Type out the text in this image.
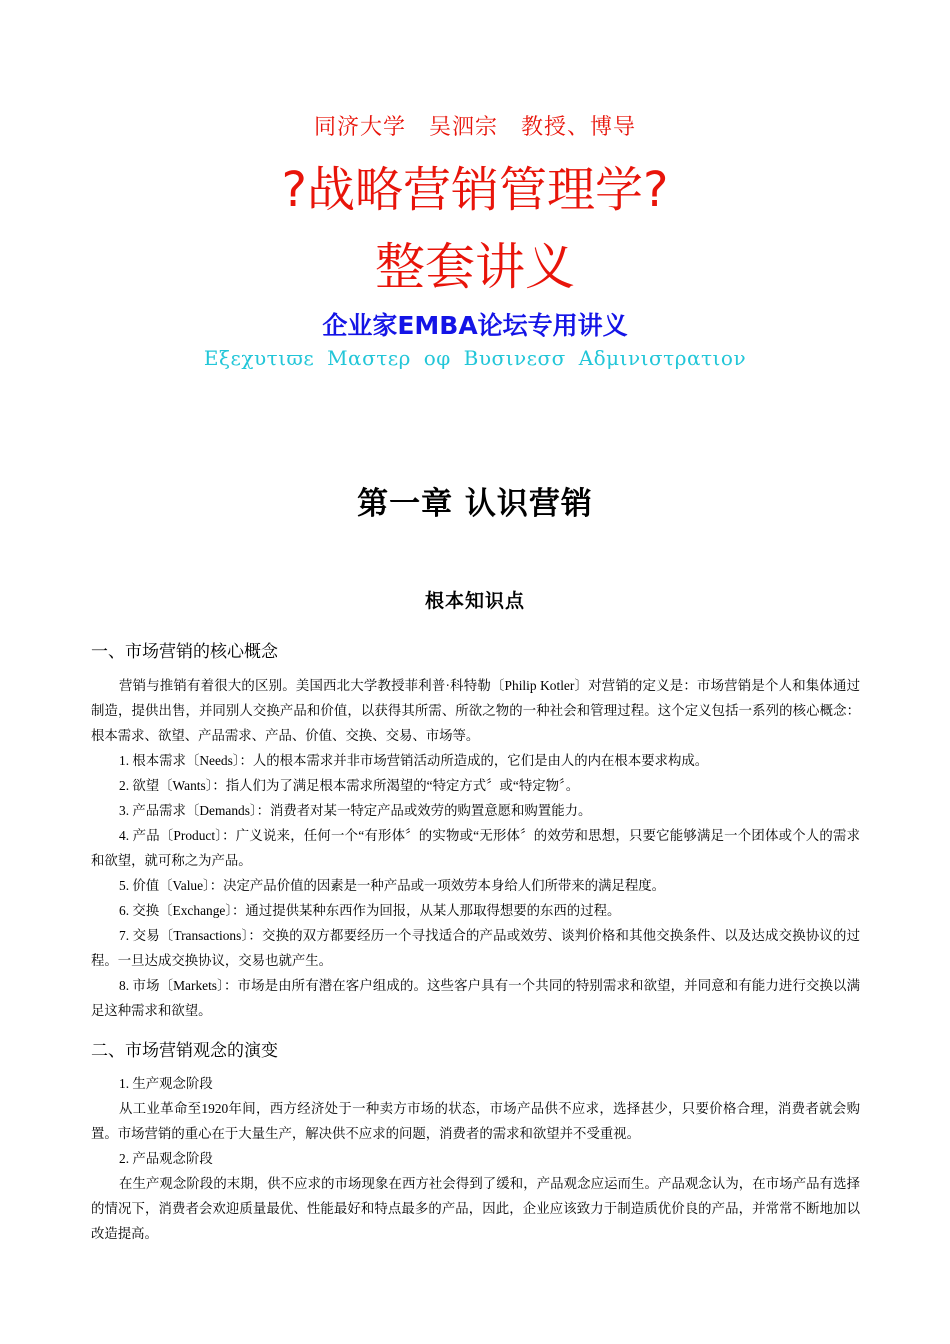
同济大学　吴泗宗　教授、博导
?战略营销管理学?
整套讲义
企业家EMBA论坛专用讲义
Εξεχυτιϖε Μαστερ οφ Βυσινεσσ Αδμινιστρατιον
第一章 认识营销
根本知识点
一、市场营销的核心概念

营销与推销有着很大的区别。美国西北大学教授菲利普·科特勒〔Philip Kotler〕对营销的定义是：市场营销是个人和集体通过制造，提供出售，并同别人交换产品和价值，以获得其所需、所欲之物的一种社会和管理过程。这个定义包括一系列的核心概念：根本需求、欲望、产品需求、产品、价值、交换、交易、市场等。

1. 根本需求〔Needs〕：人的根本需求并非市场营销活动所造成的，它们是由人的内在根本要求构成。

2. 欲望〔Wants〕：指人们为了满足根本需求所渴望的“特定方式〞或“特定物〞。

3. 产品需求〔Demands〕：消费者对某一特定产品或效劳的购置意愿和购置能力。

4. 产品〔Product〕：广义说来，任何一个“有形体〞的实物或“无形体〞的效劳和思想，只要它能够满足一个团体或个人的需求和欲望，就可称之为产品。

5. 价值〔Value〕：决定产品价值的因素是一种产品或一项效劳本身给人们所带来的满足程度。

6. 交换〔Exchange〕：通过提供某种东西作为回报，从某人那取得想要的东西的过程。

7. 交易〔Transactions〕：交换的双方都要经历一个寻找适合的产品或效劳、谈判价格和其他交换条件、以及达成交换协议的过程。一旦达成交换协议，交易也就产生。

8. 市场〔Markets〕：市场是由所有潜在客户组成的。这些客户具有一个共同的特别需求和欲望，并同意和有能力进行交换以满足这种需求和欲望。

二、市场营销观念的演变

1. 生产观念阶段

从工业革命至1920年间，西方经济处于一种卖方市场的状态，市场产品供不应求，选择甚少，只要价格合理，消费者就会购置。市场营销的重心在于大量生产，解决供不应求的问题，消费者的需求和欲望并不受重视。

2. 产品观念阶段

在生产观念阶段的末期，供不应求的市场现象在西方社会得到了缓和，产品观念应运而生。产品观念认为，在市场产品有选择的情况下，消费者会欢迎质量最优、性能最好和特点最多的产品，因此，企业应该致力于制造质优价良的产品，并常常不断地加以改造提高。
